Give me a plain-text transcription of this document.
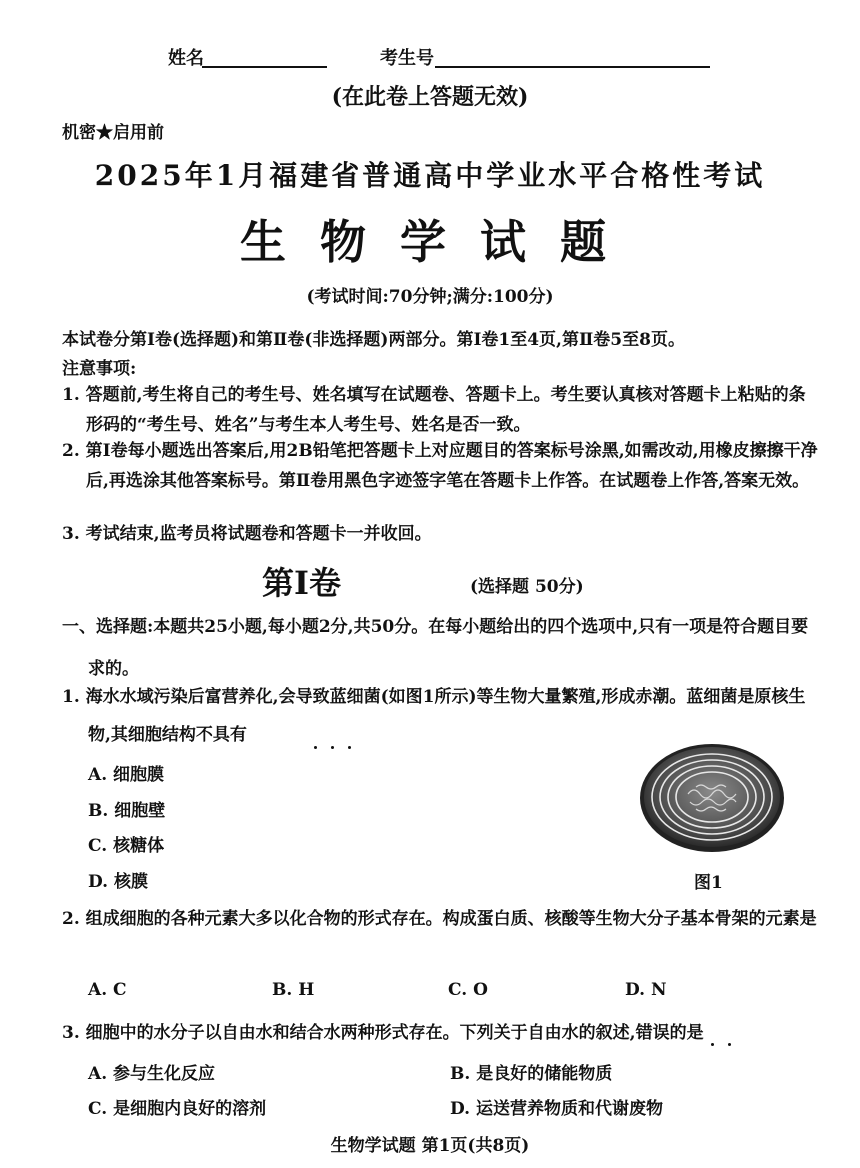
姓名	考生号
(在此卷上答题无效)
机密★启用前
2025年1月福建省普通高中学业水平合格性考试
生物学试题
(考试时间:70分钟;满分:100分)
本试卷分第Ⅰ卷(选择题)和第Ⅱ卷(非选择题)两部分。第Ⅰ卷1至4页,第Ⅱ卷5至8页。
注意事项:
1. 答题前,考生将自己的考生号、姓名填写在试题卷、答题卡上。考生要认真核对答题卡上粘贴的条形码的“考生号、姓名”与考生本人考生号、姓名是否一致。
2. 第Ⅰ卷每小题选出答案后,用2B铅笔把答题卡上对应题目的答案标号涂黑,如需改动,用橡皮擦擦干净后,再选涂其他答案标号。第Ⅱ卷用黑色字迹签字笔在答题卡上作答。在试题卷上作答,答案无效。
3. 考试结束,监考员将试题卷和答题卡一并收回。
第Ⅰ卷	(选择题 50分)
一、选择题:本题共25小题,每小题2分,共50分。在每小题给出的四个选项中,只有一项是符合题目要求的。
1. 海水水域污染后富营养化,会导致蓝细菌(如图1所示)等生物大量繁殖,形成赤潮。蓝细菌是原核生物,其细胞结构不具有
A. 细胞膜
B. 细胞壁
C. 核糖体
D. 核膜	图1
2. 组成细胞的各种元素大多以化合物的形式存在。构成蛋白质、核酸等生物大分子基本骨架的元素是
A. C	B. H	C. O	D. N
3. 细胞中的水分子以自由水和结合水两种形式存在。下列关于自由水的叙述,错误的是
A. 参与生化反应	B. 是良好的储能物质
C. 是细胞内良好的溶剂	D. 运送营养物质和代谢废物
生物学试题 第1页(共8页)
